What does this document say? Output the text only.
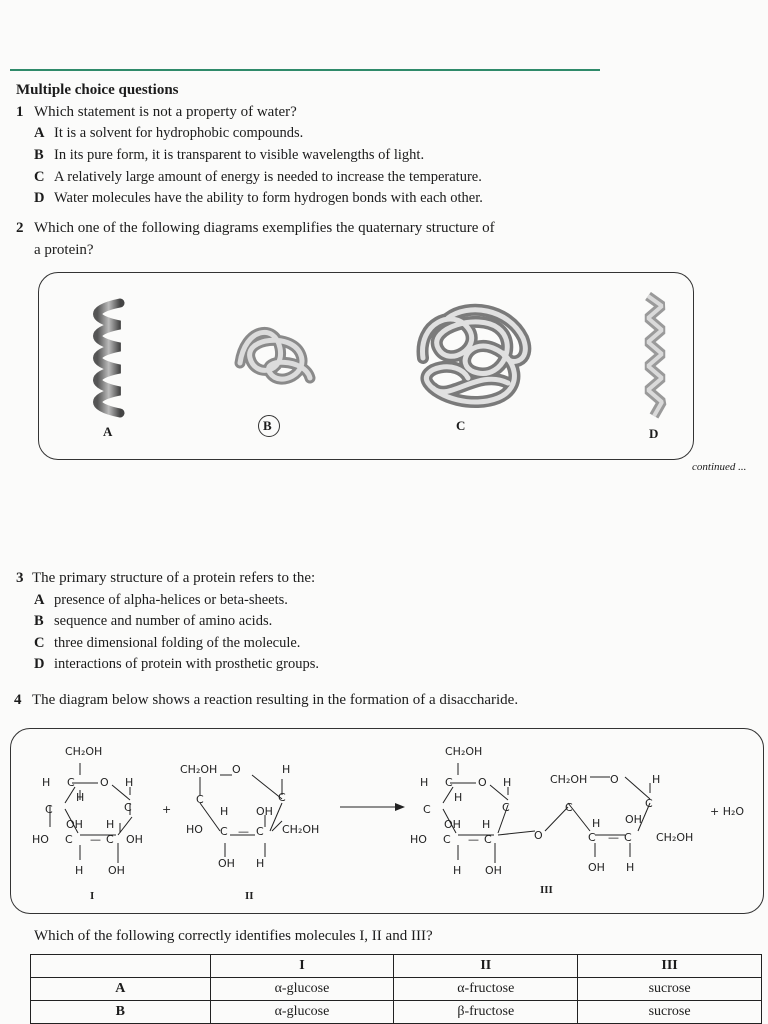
Multiple choice questions
1 Which statement is not a property of water?
A It is a solvent for hydrophobic compounds.
B In its pure form, it is transparent to visible wavelengths of light.
C A relatively large amount of energy is needed to increase the temperature.
D Water molecules have the ability to form hydrogen bonds with each other.
2 Which one of the following diagrams exemplifies the quaternary structure of
a protein?
A	B	C
D
continued ...
3 The primary structure of a protein refers to the:
A presence of alpha-helices or beta-sheets.
B sequence and number of amino acids.
C three dimensional folding of the molecule.
D interactions of protein with prosthetic groups.
4 The diagram below shows a reaction resulting in the formation of a disaccharide.
CH₂OH
H C O H
H
C	C
OH H
HO C — C OH
H OH
+
CH₂OH O	H
C
H	OH
C
HO C — C CH₂OH
OH H
CH₂OH
H C O H
H
C	C
OH H
HO C — C
H OH
O
CH₂OH O	H
C
H OH
C
C — C CH₂OH
OH H
I	II	III
+ H₂O
Which of the following correctly identifies molecules I, II and III?
	I	II	III
A	α-glucose	α-fructose	sucrose
B	α-glucose	β-fructose	sucrose
